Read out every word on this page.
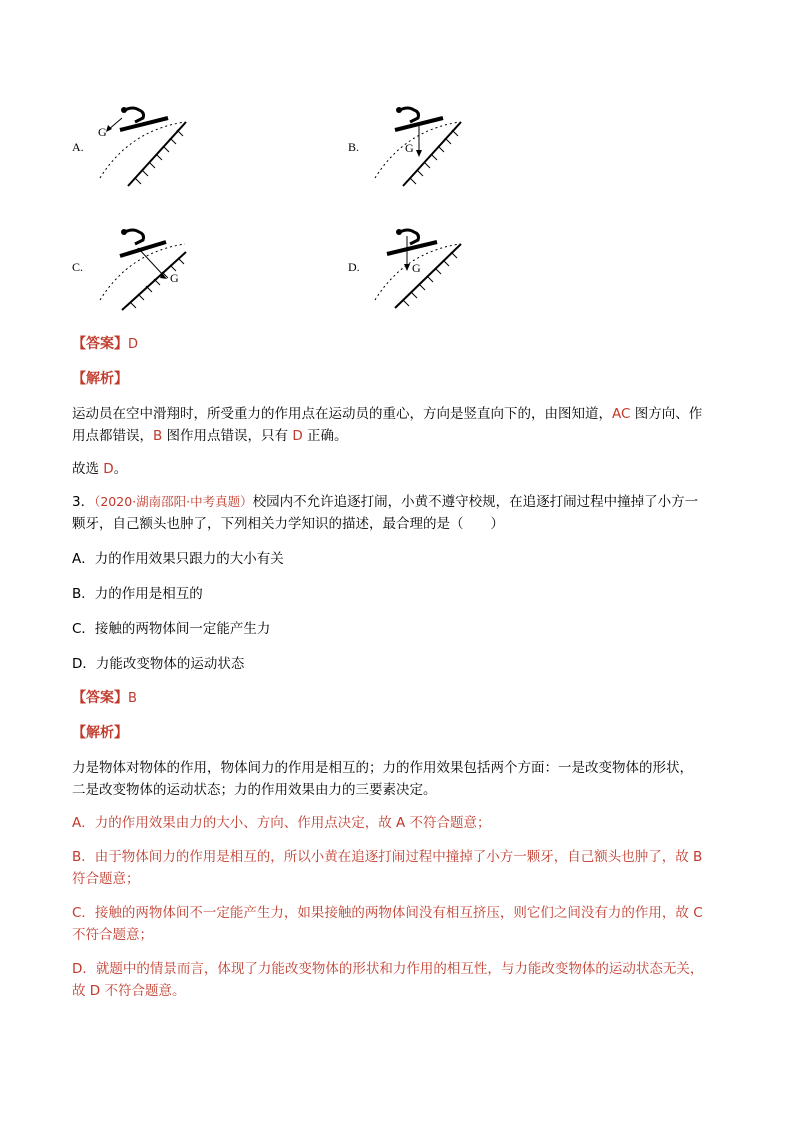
A.
G
B.	G
C.
G
D.	G
【答案】D
【解析】
运动员在空中滑翔时，所受重力的作用点在运动员的重心，方向是竖直向下的，由图知道，AC 图方向、作
用点都错误，B 图作用点错误，只有 D 正确。
故选 D。
3．（2020·湖南邵阳·中考真题）校园内不允许追逐打闹，小黄不遵守校规，在追逐打闹过程中撞掉了小方一
颗牙，自己额头也肿了，下列相关力学知识的描述，最合理的是（　　）
A．力的作用效果只跟力的大小有关
B．力的作用是相互的
C．接触的两物体间一定能产生力
D．力能改变物体的运动状态
【答案】B
【解析】
力是物体对物体的作用，物体间力的作用是相互的；力的作用效果包括两个方面：一是改变物体的形状，
二是改变物体的运动状态；力的作用效果由力的三要素决定。
A．力的作用效果由力的大小、方向、作用点决定，故 A 不符合题意；
B．由于物体间力的作用是相互的，所以小黄在追逐打闹过程中撞掉了小方一颗牙，自己额头也肿了，故 B
符合题意；
C．接触的两物体间不一定能产生力，如果接触的两物体间没有相互挤压，则它们之间没有力的作用，故 C
不符合题意；
D．就题中的情景而言，体现了力能改变物体的形状和力作用的相互性，与力能改变物体的运动状态无关，
故 D 不符合题意。
